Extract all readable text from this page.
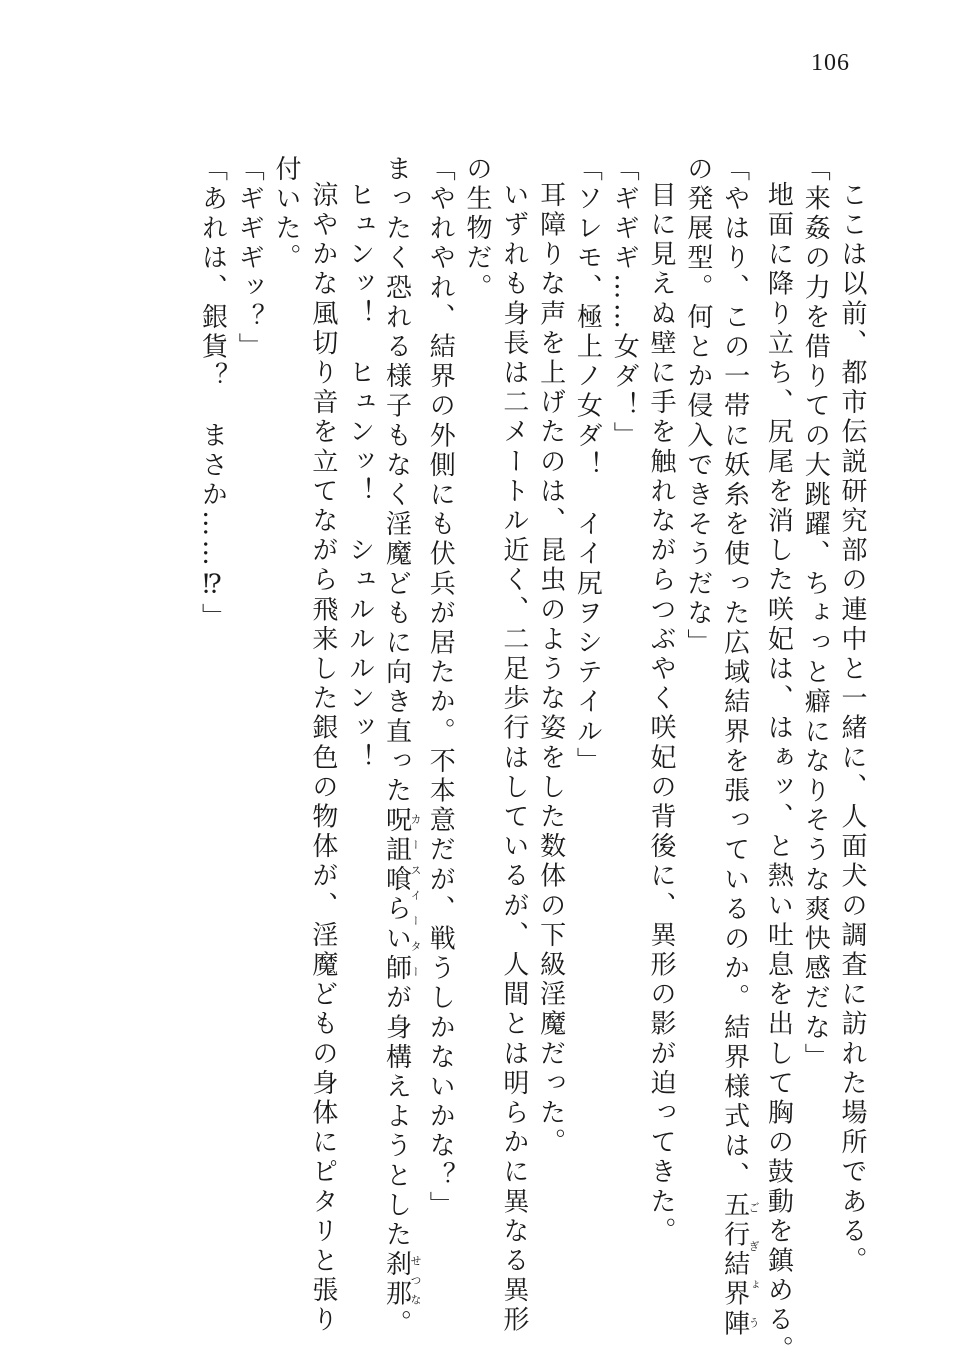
106
ここは以前、都市伝説研究部の連中と一緒に、人面犬の調査に訪れた場所である。
「来姦の力を借りての大跳躍、ちょっと癖になりそうな爽快感だな」
地面に降り立ち、尻尾を消した咲妃は、はぁッ、と熱い吐息を出して胸の鼓動を鎮める。
「やはり、この一帯に妖糸を使った広域結界を張っているのか。結界様式は、五行結界陣ごぎょう
の発展型。何とか侵入できそうだな」
目に見えぬ壁に手を触れながらつぶやく咲妃の背後に、異形の影が迫ってきた。
「ギギギ……女ダ！」
「ソレモ、極上ノ女ダ！　イイ尻ヲシテイル」
耳障りな声を上げたのは、昆虫のような姿をした数体の下級淫魔だった。
いずれも身長は二メートル近く、二足歩行はしているが、人間とは明らかに異なる異形
の生物だ。
「やれやれ、結界の外側にも伏兵が居たか。不本意だが、戦うしかないかな？」
まったく恐れる様子もなく淫魔どもに向き直った呪詛喰らい師カースイーターが身構えようとした刹那せつな。
ヒュンッ！　ヒュンッ！　シュルルルンッ！
涼やかな風切り音を立てながら飛来した銀色の物体が、淫魔どもの身体にピタリと張り
付いた。
「ギギギッ？」
「あれは、銀貨？　まさか……⁉」
